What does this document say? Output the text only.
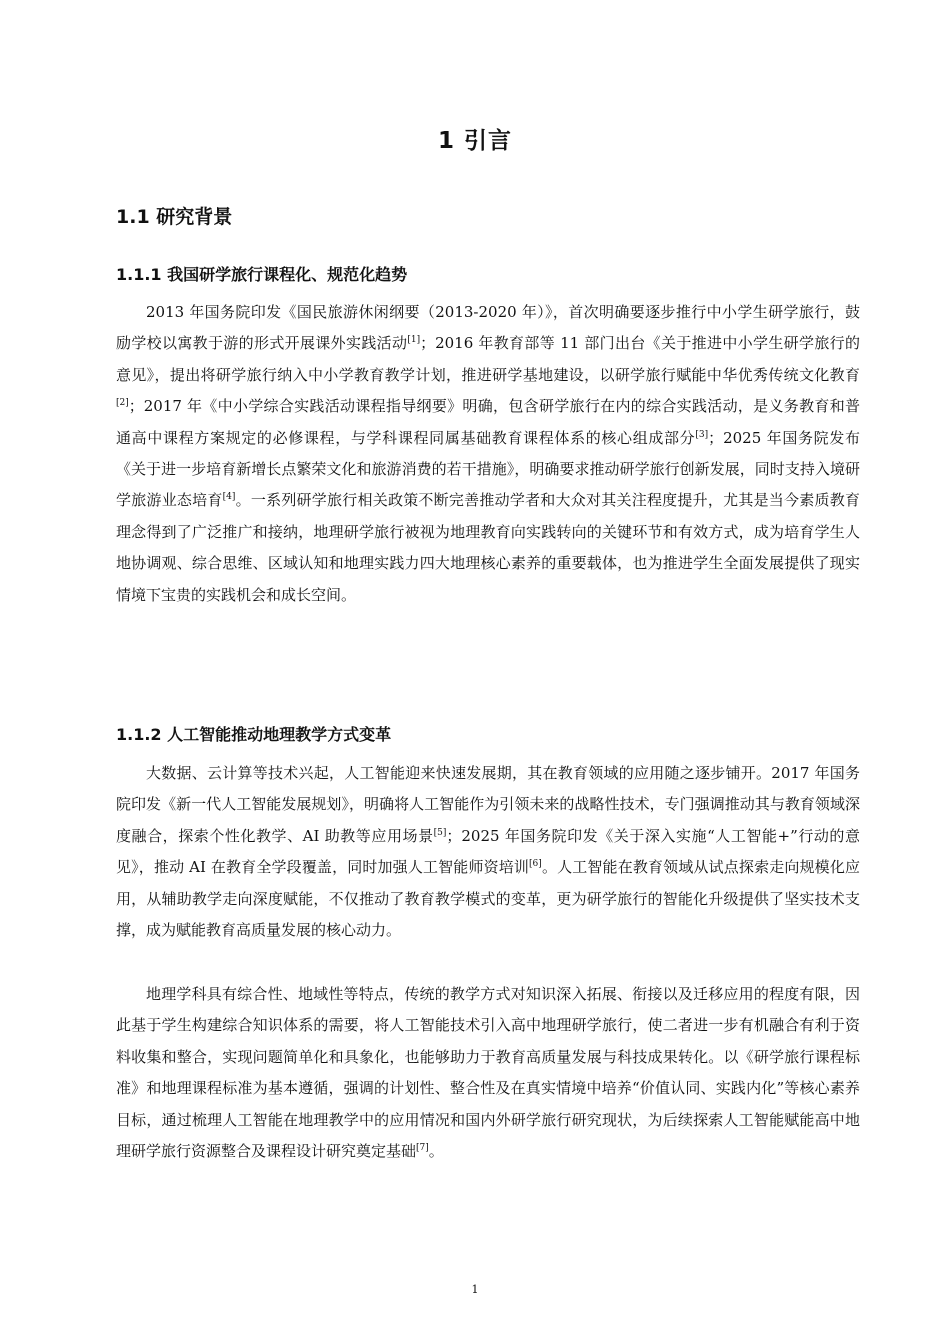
1 引言
1.1 研究背景
1.1.1 我国研学旅行课程化、规范化趋势

2013 年国务院印发《国民旅游休闲纲要（2013-2020 年）》，首次明确要逐步推行中小学生研学旅行，鼓励学校以寓教于游的形式开展课外实践活动[1]；2016 年教育部等 11 部门出台《关于推进中小学生研学旅行的意见》，提出将研学旅行纳入中小学教育教学计划，推进研学基地建设，以研学旅行赋能中华优秀传统文化教育[2]；2017 年《中小学综合实践活动课程指导纲要》明确，包含研学旅行在内的综合实践活动，是义务教育和普通高中课程方案规定的必修课程，与学科课程同属基础教育课程体系的核心组成部分[3]；2025 年国务院发布《关于进一步培育新增长点繁荣文化和旅游消费的若干措施》，明确要求推动研学旅行创新发展，同时支持入境研学旅游业态培育[4]。一系列研学旅行相关政策不断完善推动学者和大众对其关注程度提升，尤其是当今素质教育理念得到了广泛推广和接纳，地理研学旅行被视为地理教育向实践转向的关键环节和有效方式，成为培育学生人地协调观、综合思维、区域认知和地理实践力四大地理核心素养的重要载体，也为推进学生全面发展提供了现实情境下宝贵的实践机会和成长空间。

1.1.2 人工智能推动地理教学方式变革

大数据、云计算等技术兴起，人工智能迎来快速发展期，其在教育领域的应用随之逐步铺开。2017 年国务院印发《新一代人工智能发展规划》，明确将人工智能作为引领未来的战略性技术，专门强调推动其与教育领域深度融合，探索个性化教学、AI 助教等应用场景[5]；2025 年国务院印发《关于深入实施“人工智能+”行动的意见》，推动 AI 在教育全学段覆盖，同时加强人工智能师资培训[6]。人工智能在教育领域从试点探索走向规模化应用，从辅助教学走向深度赋能，不仅推动了教育教学模式的变革，更为研学旅行的智能化升级提供了坚实技术支撑，成为赋能教育高质量发展的核心动力。

地理学科具有综合性、地域性等特点，传统的教学方式对知识深入拓展、衔接以及迁移应用的程度有限，因此基于学生构建综合知识体系的需要，将人工智能技术引入高中地理研学旅行，使二者进一步有机融合有利于资料收集和整合，实现问题简单化和具象化，也能够助力于教育高质量发展与科技成果转化。以《研学旅行课程标准》和地理课程标准为基本遵循，强调的计划性、整合性及在真实情境中培养“价值认同、实践内化”等核心素养目标，通过梳理人工智能在地理教学中的应用情况和国内外研学旅行研究现状，为后续探索人工智能赋能高中地理研学旅行资源整合及课程设计研究奠定基础[7]。

1
